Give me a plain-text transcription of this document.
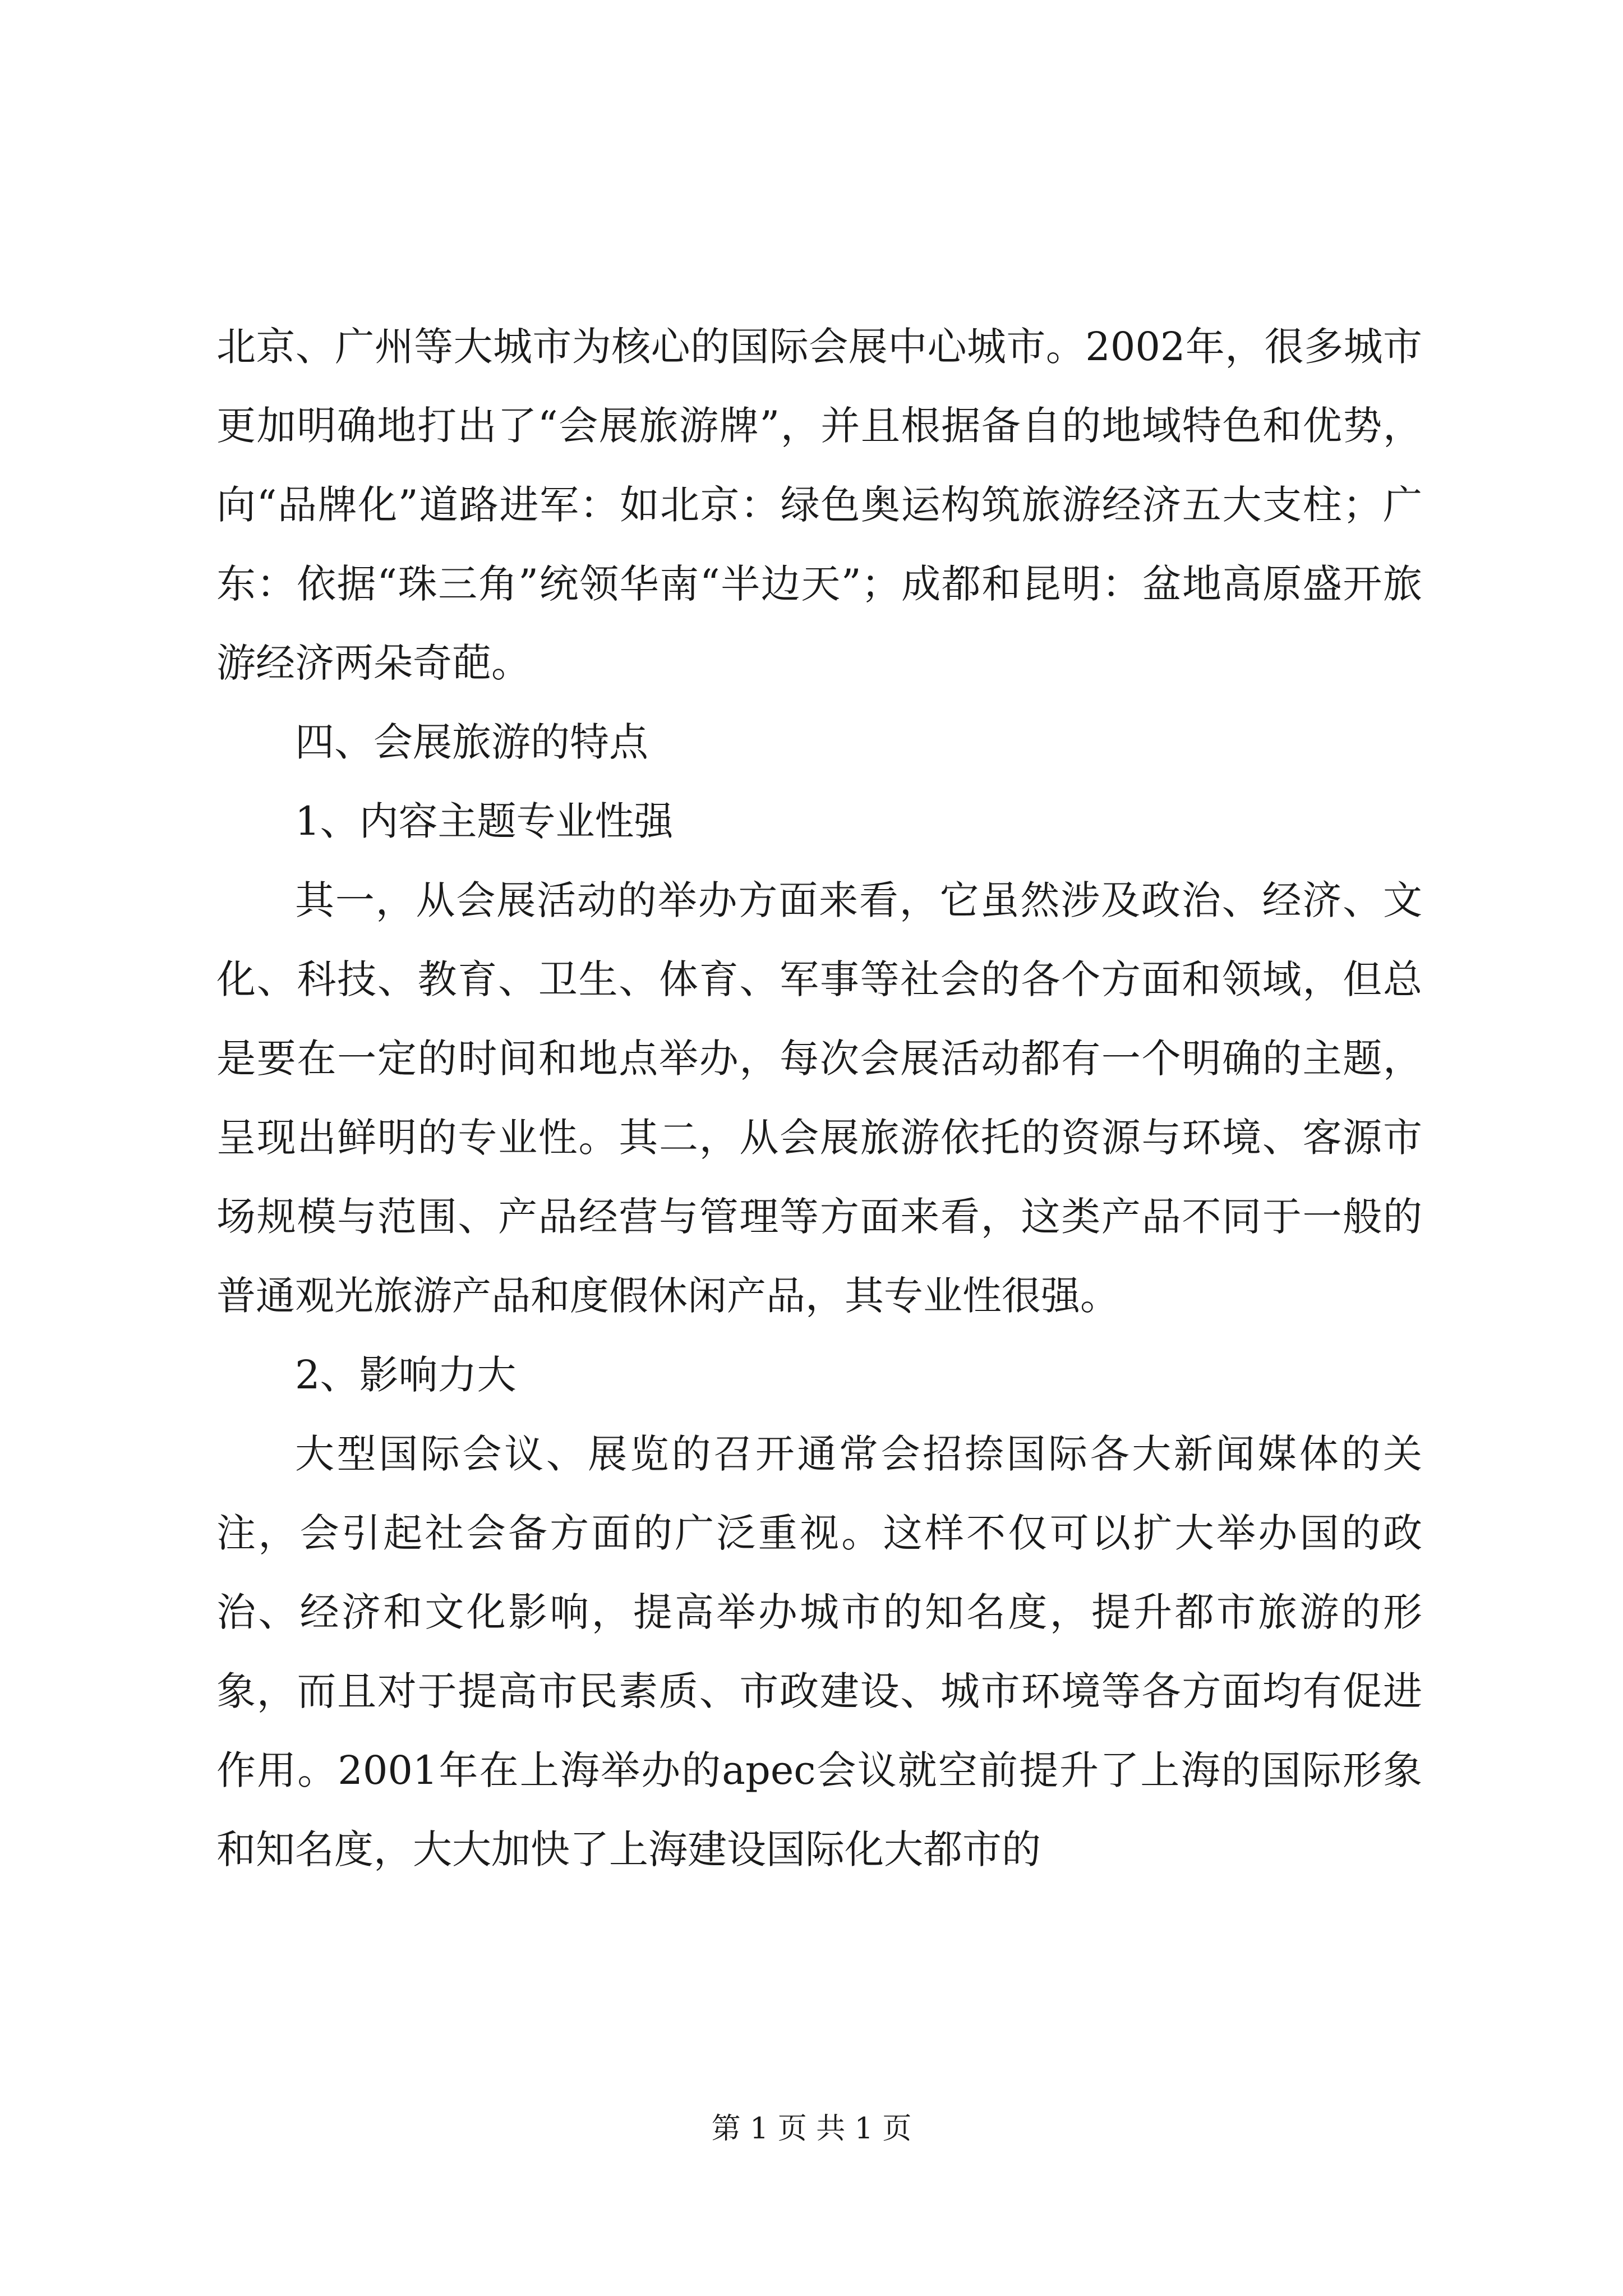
北京、广州等大城市为核心的国际会展中心城市。2002年，很多城市更加明确地打出了“会展旅游牌”，并且根据备自的地域特色和优势，向“品牌化”道路进军：如北京：绿色奥运构筑旅游经济五大支柱；广东：依据“珠三角”统领华南“半边天”；成都和昆明：盆地高原盛开旅游经济两朵奇葩。

四、会展旅游的特点

1、内容主题专业性强

其一，从会展活动的举办方面来看，它虽然涉及政治、经济、文化、科技、教育、卫生、体育、军事等社会的各个方面和领域，但总是要在一定的时间和地点举办，每次会展活动都有一个明确的主题，呈现出鲜明的专业性。其二，从会展旅游依托的资源与环境、客源市场规模与范围、产品经营与管理等方面来看，这类产品不同于一般的普通观光旅游产品和度假休闲产品，其专业性很强。

2、影响力大

大型国际会议、展览的召开通常会招捺国际各大新闻媒体的关注，会引起社会备方面的广泛重视。这样不仅可以扩大举办国的政治、经济和文化影响，提高举办城市的知名度，提升都市旅游的形象，而且对于提高市民素质、市政建设、城市环境等各方面均有促进作用。2001年在上海举办的apec会议就空前提升了上海的国际形象和知名度，大大加快了上海建设国际化大都市的

第 1 页 共 1 页
